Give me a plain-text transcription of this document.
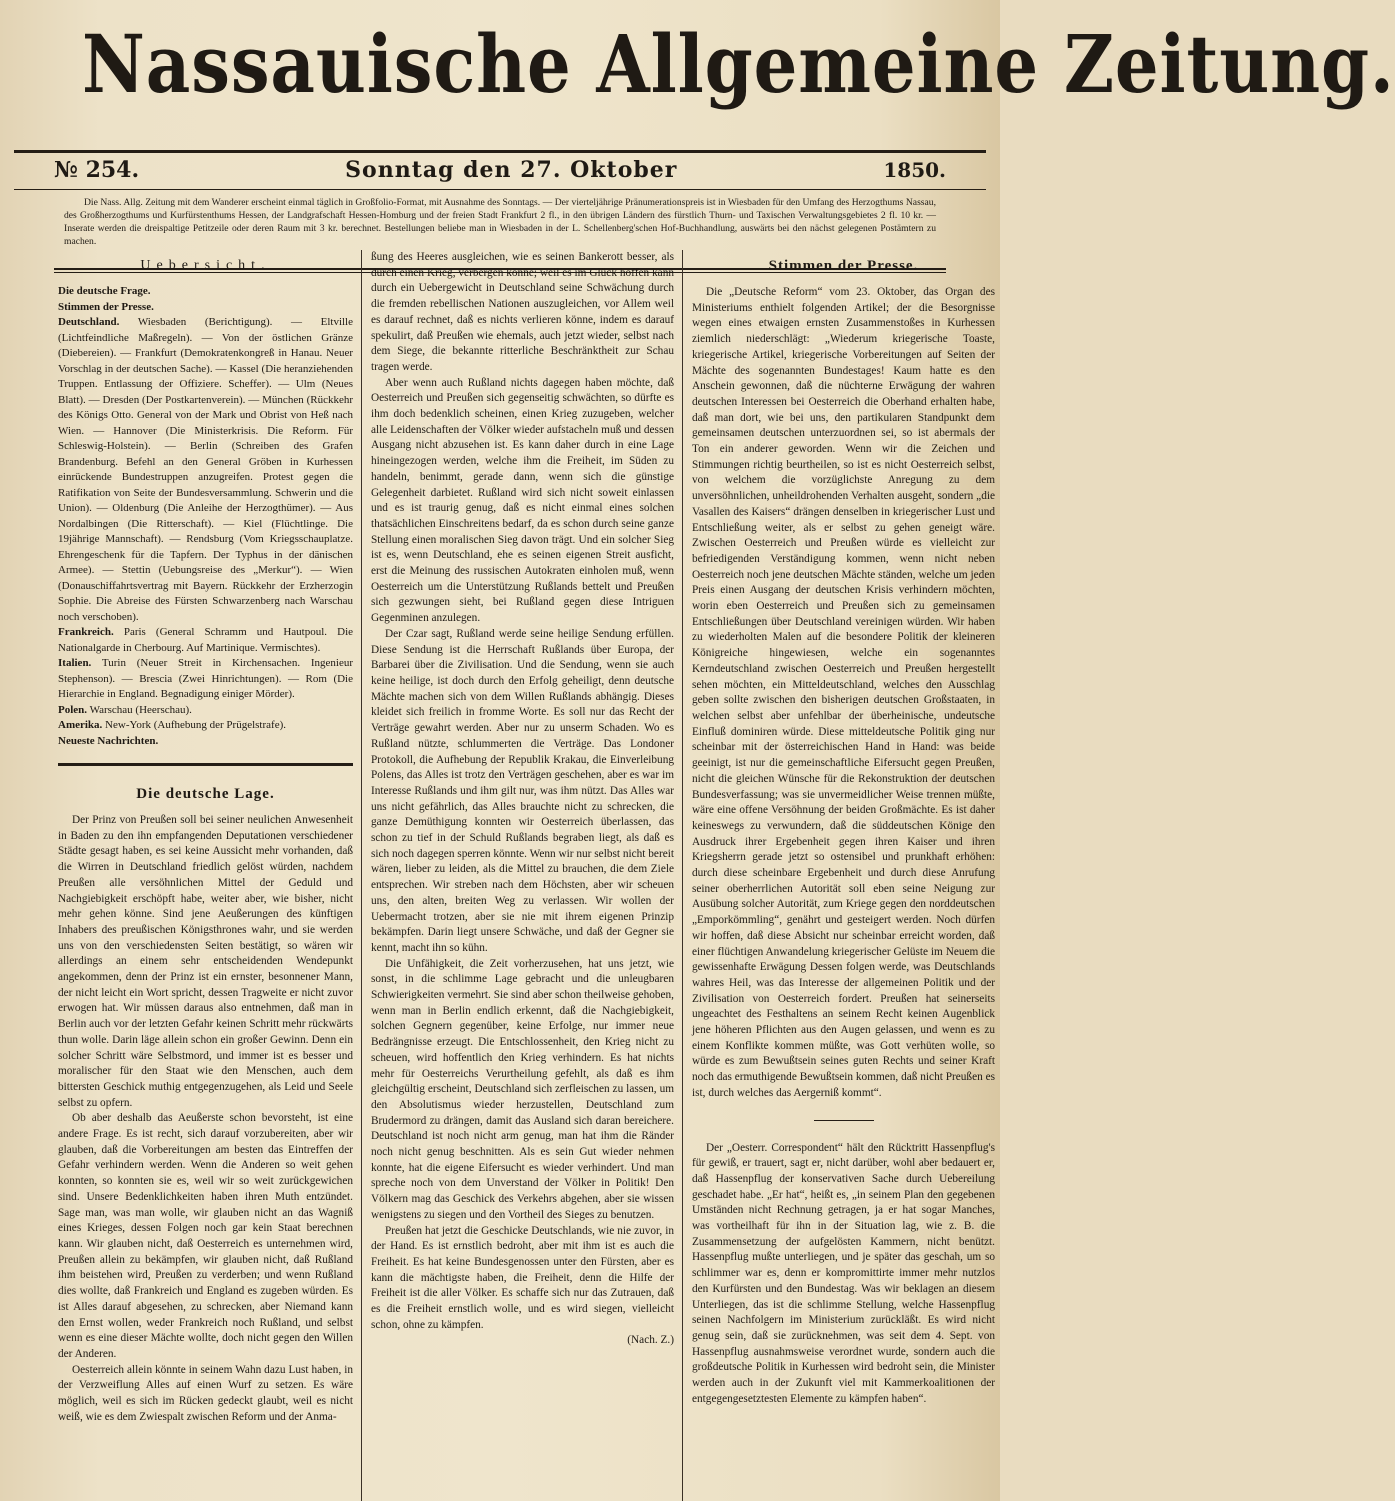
Nassauische Allgemeine Zeitung.
№ 254.	Sonntag den 27. Oktober	1850.
Die Nass. Allg. Zeitung mit dem Wanderer erscheint einmal täglich in Großfolio-Format, mit Ausnahme des Sonntags. — Der vierteljährige Pränumerationspreis ist in Wiesbaden für den Umfang des Herzogthums Nassau, des Großherzogthums und Kurfürstenthums Hessen, der Landgrafschaft Hessen-Homburg und der freien Stadt Frankfurt 2 fl., in den übrigen Ländern des fürstlich Thurn- und Taxischen Verwaltungsgebietes 2 fl. 10 kr. — Inserate werden die dreispaltige Petitzeile oder deren Raum mit 3 kr. berechnet. Bestellungen beliebe man in Wiesbaden in der L. Schellenberg'schen Hof-Buchhandlung, auswärts bei den nächst gelegenen Postämtern zu machen.
Uebersicht.

Die deutsche Frage.

Stimmen der Presse.

Deutschland. Wiesbaden (Berichtigung). — Eltville (Lichtfeindliche Maßregeln). — Von der östlichen Gränze (Diebereien). — Frankfurt (Demokratenkongreß in Hanau. Neuer Vorschlag in der deutschen Sache). — Kassel (Die heranziehenden Truppen. Entlassung der Offiziere. Scheffer). — Ulm (Neues Blatt). — Dresden (Der Postkartenverein). — München (Rückkehr des Königs Otto. General von der Mark und Obrist von Heß nach Wien. — Hannover (Die Ministerkrisis. Die Reform. Für Schleswig-Holstein). — Berlin (Schreiben des Grafen Brandenburg. Befehl an den General Gröben in Kurhessen einrückende Bundestruppen anzugreifen. Protest gegen die Ratifikation von Seite der Bundesversammlung. Schwerin und die Union). — Oldenburg (Die Anleihe der Herzogthümer). — Aus Nordalbingen (Die Ritterschaft). — Kiel (Flüchtlinge. Die 19jährige Mannschaft). — Rendsburg (Vom Kriegsschauplatze. Ehrengeschenk für die Tapfern. Der Typhus in der dänischen Armee). — Stettin (Uebungsreise des „Merkur“). — Wien (Donauschiffahrtsvertrag mit Bayern. Rückkehr der Erzherzogin Sophie. Die Abreise des Fürsten Schwarzenberg nach Warschau noch verschoben).

Frankreich. Paris (General Schramm und Hautpoul. Die Nationalgarde in Cherbourg. Auf Martinique. Vermischtes).

Italien. Turin (Neuer Streit in Kirchensachen. Ingenieur Stephenson). — Brescia (Zwei Hinrichtungen). — Rom (Die Hierarchie in England. Begnadigung einiger Mörder).

Polen. Warschau (Heerschau).

Amerika. New-York (Aufhebung der Prügelstrafe).

Neueste Nachrichten.

Die deutsche Lage.

Der Prinz von Preußen soll bei seiner neulichen Anwesenheit in Baden zu den ihn empfangenden Deputationen verschiedener Städte gesagt haben, es sei keine Aussicht mehr vorhanden, daß die Wirren in Deutschland friedlich gelöst würden, nachdem Preußen alle versöhnlichen Mittel der Geduld und Nachgiebigkeit erschöpft habe, weiter aber, wie bisher, nicht mehr gehen könne. Sind jene Aeußerungen des künftigen Inhabers des preußischen Königsthrones wahr, und sie werden uns von den verschiedensten Seiten bestätigt, so wären wir allerdings an einem sehr entscheidenden Wendepunkt angekommen, denn der Prinz ist ein ernster, besonnener Mann, der nicht leicht ein Wort spricht, dessen Tragweite er nicht zuvor erwogen hat. Wir müssen daraus also entnehmen, daß man in Berlin auch vor der letzten Gefahr keinen Schritt mehr rückwärts thun wolle. Darin läge allein schon ein großer Gewinn. Denn ein solcher Schritt wäre Selbstmord, und immer ist es besser und moralischer für den Staat wie den Menschen, auch dem bittersten Geschick muthig entgegenzugehen, als Leid und Seele selbst zu opfern.

Ob aber deshalb das Aeußerste schon bevorsteht, ist eine andere Frage. Es ist recht, sich darauf vorzubereiten, aber wir glauben, daß die Vorbereitungen am besten das Eintreffen der Gefahr verhindern werden. Wenn die Anderen so weit gehen konnten, so konnten sie es, weil wir so weit zurückgewichen sind. Unsere Bedenklichkeiten haben ihren Muth entzündet. Sage man, was man wolle, wir glauben nicht an das Wagniß eines Krieges, dessen Folgen noch gar kein Staat berechnen kann. Wir glauben nicht, daß Oesterreich es unternehmen wird, Preußen allein zu bekämpfen, wir glauben nicht, daß Rußland ihm beistehen wird, Preußen zu verderben; und wenn Rußland dies wollte, daß Frankreich und England es zugeben würden. Es ist Alles darauf abgesehen, zu schrecken, aber Niemand kann den Ernst wollen, weder Frankreich noch Rußland, und selbst wenn es eine dieser Mächte wollte, doch nicht gegen den Willen der Anderen.

Oesterreich allein könnte in seinem Wahn dazu Lust haben, in der Verzweiflung Alles auf einen Wurf zu setzen. Es wäre möglich, weil es sich im Rücken gedeckt glaubt, weil es nicht weiß, wie es dem Zwiespalt zwischen Reform und der Anma-

ßung des Heeres ausgleichen, wie es seinen Bankerott besser, als durch einen Krieg, verbergen könne; weil es im Glück hoffen kann durch ein Uebergewicht in Deutschland seine Schwächung durch die fremden rebellischen Nationen auszugleichen, vor Allem weil es darauf rechnet, daß es nichts verlieren könne, indem es darauf spekulirt, daß Preußen wie ehemals, auch jetzt wieder, selbst nach dem Siege, die bekannte ritterliche Beschränktheit zur Schau tragen werde.

Aber wenn auch Rußland nichts dagegen haben möchte, daß Oesterreich und Preußen sich gegenseitig schwächten, so dürfte es ihm doch bedenklich scheinen, einen Krieg zuzugeben, welcher alle Leidenschaften der Völker wieder aufstacheln muß und dessen Ausgang nicht abzusehen ist. Es kann daher durch in eine Lage hineingezogen werden, welche ihm die Freiheit, im Süden zu handeln, benimmt, gerade dann, wenn sich die günstige Gelegenheit darbietet. Rußland wird sich nicht soweit einlassen und es ist traurig genug, daß es nicht einmal eines solchen thatsächlichen Einschreitens bedarf, da es schon durch seine ganze Stellung einen moralischen Sieg davon trägt. Und ein solcher Sieg ist es, wenn Deutschland, ehe es seinen eigenen Streit ausficht, erst die Meinung des russischen Autokraten einholen muß, wenn Oesterreich um die Unterstützung Rußlands bettelt und Preußen sich gezwungen sieht, bei Rußland gegen diese Intriguen Gegenminen anzulegen.

Der Czar sagt, Rußland werde seine heilige Sendung erfüllen. Diese Sendung ist die Herrschaft Rußlands über Europa, der Barbarei über die Zivilisation. Und die Sendung, wenn sie auch keine heilige, ist doch durch den Erfolg geheiligt, denn deutsche Mächte machen sich von dem Willen Rußlands abhängig. Dieses kleidet sich freilich in fromme Worte. Es soll nur das Recht der Verträge gewahrt werden. Aber nur zu unserm Schaden. Wo es Rußland nützte, schlummerten die Verträge. Das Londoner Protokoll, die Aufhebung der Republik Krakau, die Einverleibung Polens, das Alles ist trotz den Verträgen geschehen, aber es war im Interesse Rußlands und ihm gilt nur, was ihm nützt. Das Alles war uns nicht gefährlich, das Alles brauchte nicht zu schrecken, die ganze Demüthigung konnten wir Oesterreich überlassen, das schon zu tief in der Schuld Rußlands begraben liegt, als daß es sich noch dagegen sperren könnte. Wenn wir nur selbst nicht bereit wären, lieber zu leiden, als die Mittel zu brauchen, die dem Ziele entsprechen. Wir streben nach dem Höchsten, aber wir scheuen uns, den alten, breiten Weg zu verlassen. Wir wollen der Uebermacht trotzen, aber sie nie mit ihrem eigenen Prinzip bekämpfen. Darin liegt unsere Schwäche, und daß der Gegner sie kennt, macht ihn so kühn.

Die Unfähigkeit, die Zeit vorherzusehen, hat uns jetzt, wie sonst, in die schlimme Lage gebracht und die unleugbaren Schwierigkeiten vermehrt. Sie sind aber schon theilweise gehoben, wenn man in Berlin endlich erkennt, daß die Nachgiebigkeit, solchen Gegnern gegenüber, keine Erfolge, nur immer neue Bedrängnisse erzeugt. Die Entschlossenheit, den Krieg nicht zu scheuen, wird hoffentlich den Krieg verhindern. Es hat nichts mehr für Oesterreichs Verurtheilung gefehlt, als daß es ihm gleichgültig erscheint, Deutschland sich zerfleischen zu lassen, um den Absolutismus wieder herzustellen, Deutschland zum Brudermord zu drängen, damit das Ausland sich daran bereichere. Deutschland ist noch nicht arm genug, man hat ihm die Ränder noch nicht genug beschnitten. Als es sein Gut wieder nehmen konnte, hat die eigene Eifersucht es wieder verhindert. Und man spreche noch von dem Unverstand der Völker in Politik! Den Völkern mag das Geschick des Verkehrs abgehen, aber sie wissen wenigstens zu siegen und den Vortheil des Sieges zu benutzen.

Preußen hat jetzt die Geschicke Deutschlands, wie nie zuvor, in der Hand. Es ist ernstlich bedroht, aber mit ihm ist es auch die Freiheit. Es hat keine Bundesgenossen unter den Fürsten, aber es kann die mächtigste haben, die Freiheit, denn die Hilfe der Freiheit ist die aller Völker. Es schaffe sich nur das Zutrauen, daß es die Freiheit ernstlich wolle, und es wird siegen, vielleicht schon, ohne zu kämpfen.

(Nach. Z.)
Stimmen der Presse.

Die „Deutsche Reform“ vom 23. Oktober, das Organ des Ministeriums enthielt folgenden Artikel; der die Besorgnisse wegen eines etwaigen ernsten Zusammenstoßes in Kurhessen ziemlich niederschlägt: „Wiederum kriegerische Toaste, kriegerische Artikel, kriegerische Vorbereitungen auf Seiten der Mächte des sogenannten Bundestages! Kaum hatte es den Anschein gewonnen, daß die nüchterne Erwägung der wahren deutschen Interessen bei Oesterreich die Oberhand erhalten habe, daß man dort, wie bei uns, den partikularen Standpunkt dem gemeinsamen deutschen unterzuordnen sei, so ist abermals der Ton ein anderer geworden. Wenn wir die Zeichen und Stimmungen richtig beurtheilen, so ist es nicht Oesterreich selbst, von welchem die vorzüglichste Anregung zu dem unversöhnlichen, unheildrohenden Verhalten ausgeht, sondern „die Vasallen des Kaisers“ drängen denselben in kriegerischer Lust und Entschließung weiter, als er selbst zu gehen geneigt wäre. Zwischen Oesterreich und Preußen würde es vielleicht zur befriedigenden Verständigung kommen, wenn nicht neben Oesterreich noch jene deutschen Mächte ständen, welche um jeden Preis einen Ausgang der deutschen Krisis verhindern möchten, worin eben Oesterreich und Preußen sich zu gemeinsamen Entschließungen über Deutschland vereinigen würden. Wir haben zu wiederholten Malen auf die besondere Politik der kleineren Königreiche hingewiesen, welche ein sogenanntes Kerndeutschland zwischen Oesterreich und Preußen hergestellt sehen möchten, ein Mitteldeutschland, welches den Ausschlag geben sollte zwischen den bisherigen deutschen Großstaaten, in welchen selbst aber unfehlbar der überheinische, undeutsche Einfluß dominiren würde. Diese mitteldeutsche Politik ging nur scheinbar mit der österreichischen Hand in Hand: was beide geeinigt, ist nur die gemeinschaftliche Eifersucht gegen Preußen, nicht die gleichen Wünsche für die Rekonstruktion der deutschen Bundesverfassung; was sie unvermeidlicher Weise trennen müßte, wäre eine offene Versöhnung der beiden Großmächte. Es ist daher keineswegs zu verwundern, daß die süddeutschen Könige den Ausdruck ihrer Ergebenheit gegen ihren Kaiser und ihren Kriegsherrn gerade jetzt so ostensibel und prunkhaft erhöhen: durch diese scheinbare Ergebenheit und durch diese Anrufung seiner oberherrlichen Autorität soll eben seine Neigung zur Ausübung solcher Autorität, zum Kriege gegen den norddeutschen „Emporkömmling“, genährt und gesteigert werden. Noch dürfen wir hoffen, daß diese Absicht nur scheinbar erreicht worden, daß einer flüchtigen Anwandelung kriegerischer Gelüste im Neuem die gewissenhafte Erwägung Dessen folgen werde, was Deutschlands wahres Heil, was das Interesse der allgemeinen Politik und der Zivilisation von Oesterreich fordert. Preußen hat seinerseits ungeachtet des Festhaltens an seinem Recht keinen Augenblick jene höheren Pflichten aus den Augen gelassen, und wenn es zu einem Konflikte kommen müßte, was Gott verhüten wolle, so würde es zum Bewußtsein seines guten Rechts und seiner Kraft noch das ermuthigende Bewußtsein kommen, daß nicht Preußen es ist, durch welches das Aergerniß kommt“.

Der „Oesterr. Correspondent“ hält den Rücktritt Hassenpflug's für gewiß, er trauert, sagt er, nicht darüber, wohl aber bedauert er, daß Hassenpflug der konservativen Sache durch Uebereilung geschadet habe. „Er hat“, heißt es, „in seinem Plan den gegebenen Umständen nicht Rechnung getragen, ja er hat sogar Manches, was vortheilhaft für ihn in der Situation lag, wie z. B. die Zusammensetzung der aufgelösten Kammern, nicht benützt. Hassenpflug mußte unterliegen, und je später das geschah, um so schlimmer war es, denn er kompromittirte immer mehr nutzlos den Kurfürsten und den Bundestag. Was wir beklagen an diesem Unterliegen, das ist die schlimme Stellung, welche Hassenpflug seinen Nachfolgern im Ministerium zurückläßt. Es wird nicht genug sein, daß sie zurücknehmen, was seit dem 4. Sept. von Hassenpflug ausnahmsweise verordnet wurde, sondern auch die großdeutsche Politik in Kurhessen wird bedroht sein, die Minister werden auch in der Zukunft viel mit Kammerkoalitionen der entgegengesetztesten Elemente zu kämpfen haben“.
